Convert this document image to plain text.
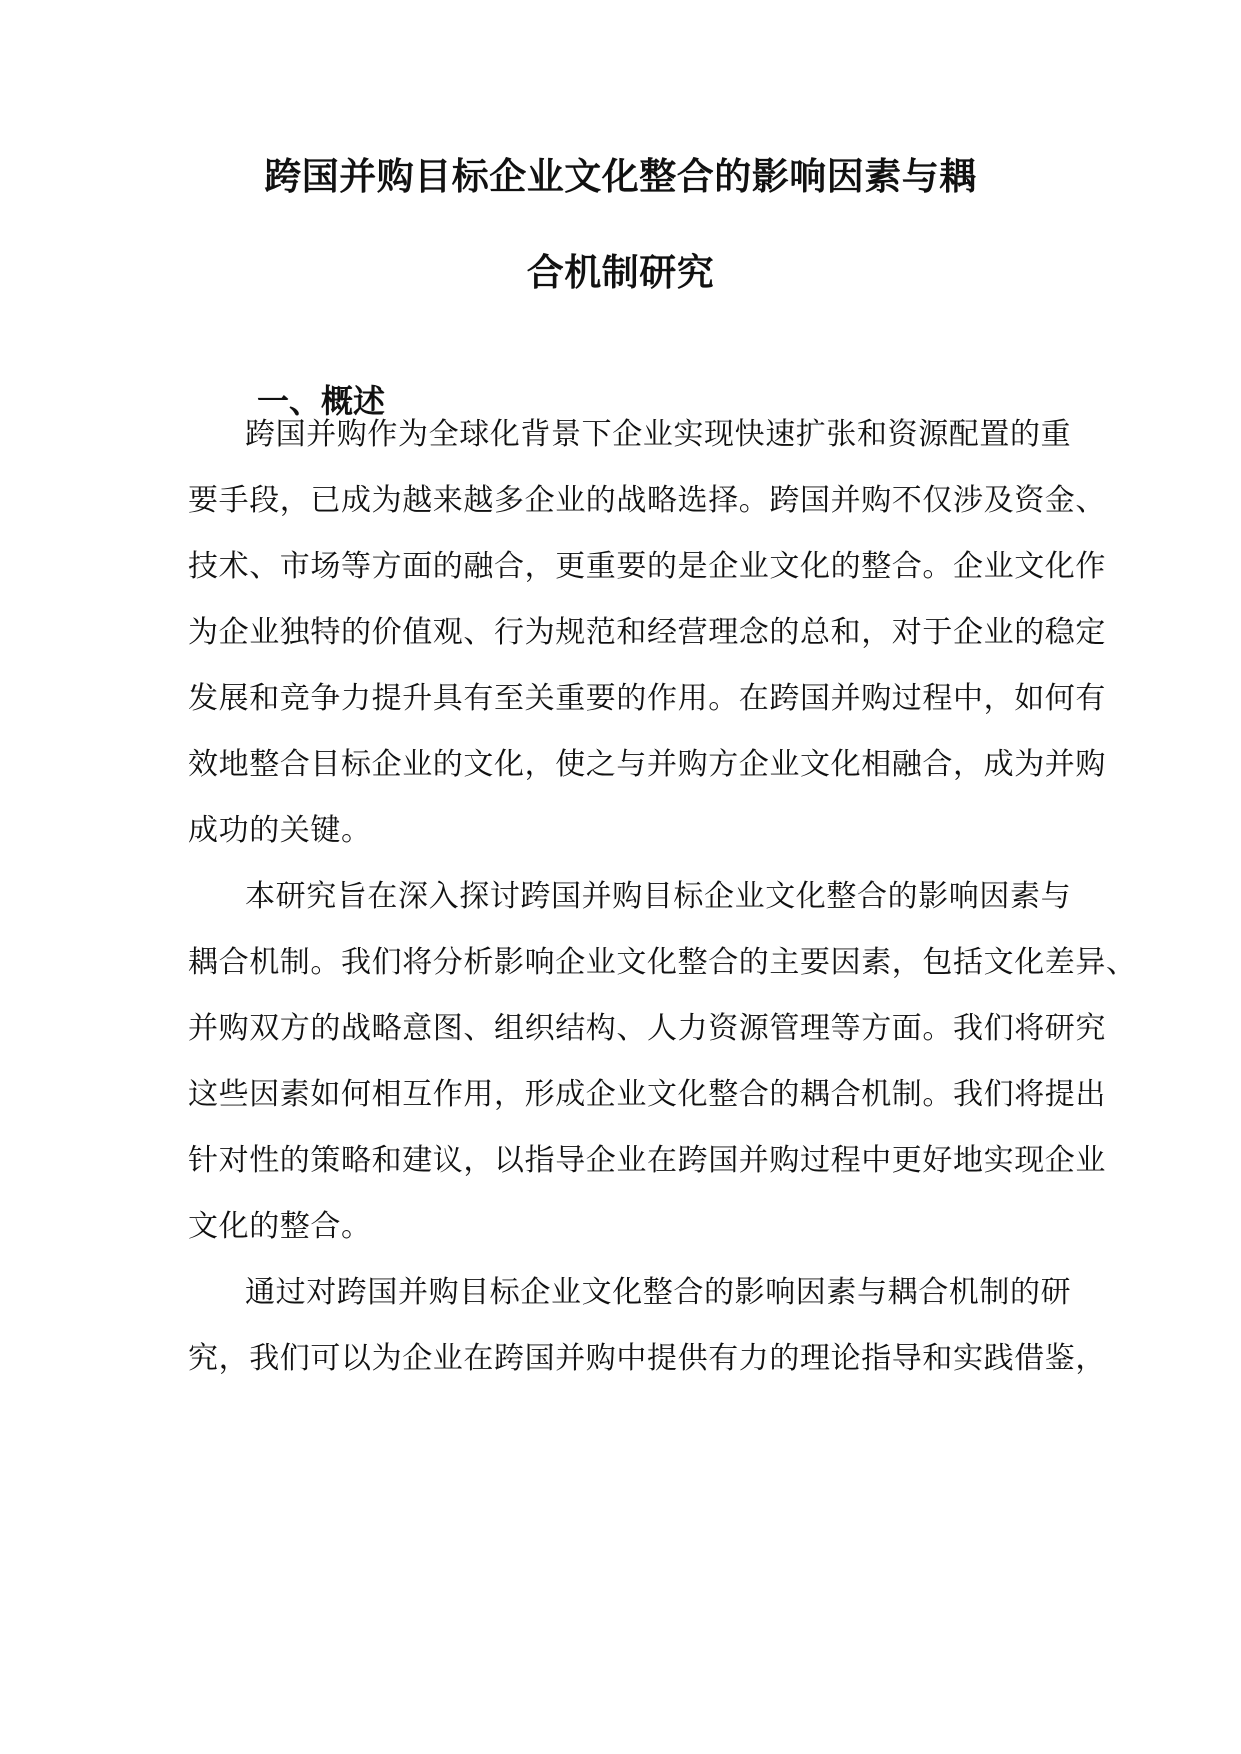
跨国并购目标企业文化整合的影响因素与耦
合机制研究
一、概述

跨国并购作为全球化背景下企业实现快速扩张和资源配置的重

要手段，已成为越来越多企业的战略选择。跨国并购不仅涉及资金、

技术、市场等方面的融合，更重要的是企业文化的整合。企业文化作

为企业独特的价值观、行为规范和经营理念的总和，对于企业的稳定

发展和竞争力提升具有至关重要的作用。在跨国并购过程中，如何有

效地整合目标企业的文化，使之与并购方企业文化相融合，成为并购

成功的关键。

本研究旨在深入探讨跨国并购目标企业文化整合的影响因素与

耦合机制。我们将分析影响企业文化整合的主要因素，包括文化差异、

并购双方的战略意图、组织结构、人力资源管理等方面。我们将研究

这些因素如何相互作用，形成企业文化整合的耦合机制。我们将提出

针对性的策略和建议，以指导企业在跨国并购过程中更好地实现企业

文化的整合。

通过对跨国并购目标企业文化整合的影响因素与耦合机制的研

究，我们可以为企业在跨国并购中提供有力的理论指导和实践借鉴，
